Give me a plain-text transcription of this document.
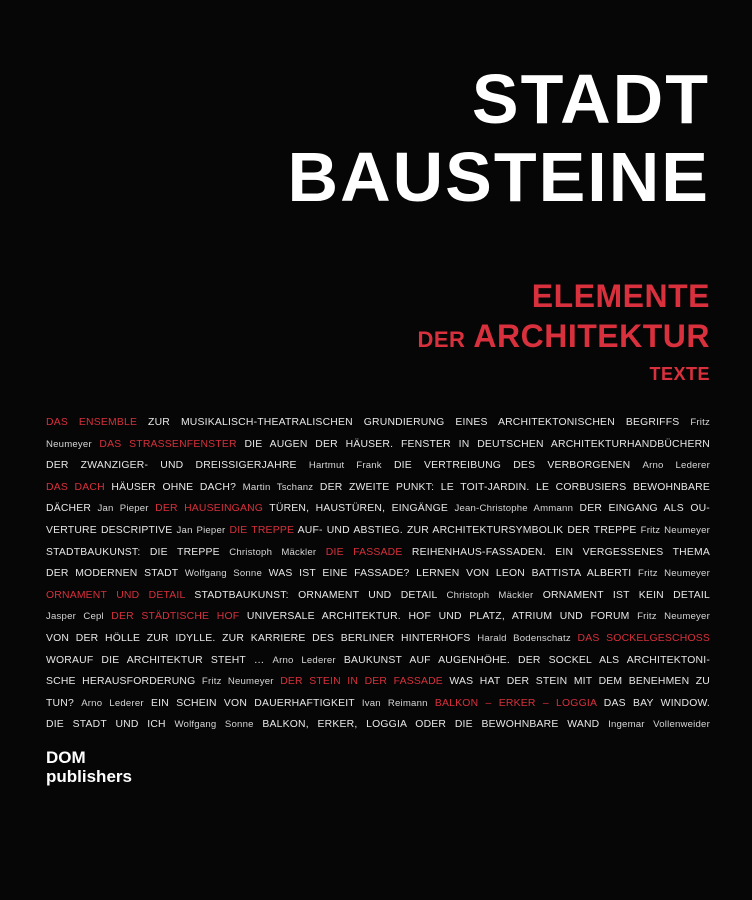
STADT
BAUSTEINE
ELEMENTE
DER ARCHITEKTUR
TEXTE
DAS ENSEMBLE ZUR MUSIKALISCH-THEATRALISCHEN GRUNDIERUNG EINES ARCHITEKTONISCHEN BEGRIFFS Fritz
Neumeyer DAS STRASSENFENSTER DIE AUGEN DER HÄUSER. FENSTER IN DEUTSCHEN ARCHITEKTURHANDBÜCHERN
DER ZWANZIGER- UND DREISSIGERJAHRE Hartmut Frank DIE VERTREIBUNG DES VERBORGENEN Arno Lederer
DAS DACH HÄUSER OHNE DACH? Martin Tschanz DER ZWEITE PUNKT: LE TOIT-JARDIN. LE CORBUSIERS BEWOHNBARE
DÄCHER Jan Pieper DER HAUSEINGANG TÜREN, HAUSTÜREN, EINGÄNGE Jean-Christophe Ammann DER EINGANG ALS OU-
VERTURE DESCRIPTIVE Jan Pieper DIE TREPPE AUF- UND ABSTIEG. ZUR ARCHITEKTURSYMBOLIK DER TREPPE Fritz Neumeyer
STADTBAUKUNST: DIE TREPPE Christoph Mäckler DIE FASSADE REIHENHAUS-FASSADEN. EIN VERGESSENES THEMA
DER MODERNEN STADT Wolfgang Sonne WAS IST EINE FASSADE? LERNEN VON LEON BATTISTA ALBERTI Fritz Neumeyer
ORNAMENT UND DETAIL STADTBAUKUNST: ORNAMENT UND DETAIL Christoph Mäckler ORNAMENT IST KEIN DETAIL
Jasper Cepl DER STÄDTISCHE HOF UNIVERSALE ARCHITEKTUR. HOF UND PLATZ, ATRIUM UND FORUM Fritz Neumeyer
VON DER HÖLLE ZUR IDYLLE. ZUR KARRIERE DES BERLINER HINTERHOFS Harald Bodenschatz DAS SOCKELGESCHOSS
WORAUF DIE ARCHITEKTUR STEHT … Arno Lederer BAUKUNST AUF AUGENHÖHE. DER SOCKEL ALS ARCHITEKTONI-
SCHE HERAUSFORDERUNG Fritz Neumeyer DER STEIN IN DER FASSADE WAS HAT DER STEIN MIT DEM BENEHMEN ZU
TUN? Arno Lederer EIN SCHEIN VON DAUERHAFTIGKEIT Ivan Reimann BALKON – ERKER – LOGGIA DAS BAY WINDOW.
DIE STADT UND ICH Wolfgang Sonne BALKON, ERKER, LOGGIA ODER DIE BEWOHNBARE WAND Ingemar Vollenweider
DOM
publishers
